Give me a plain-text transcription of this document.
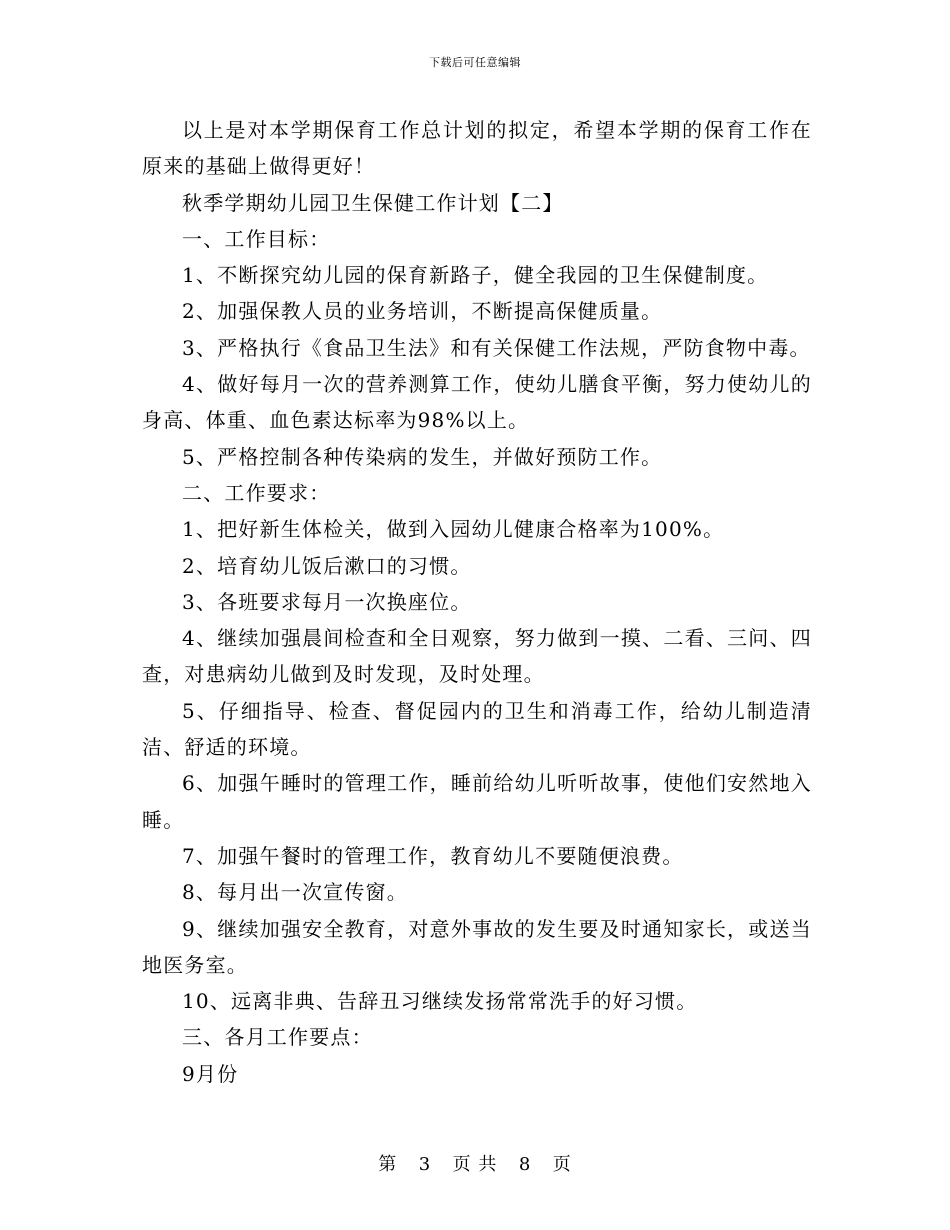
下载后可任意编辑

以上是对本学期保育工作总计划的拟定，希望本学期的保育工作在原来的基础上做得更好！

秋季学期幼儿园卫生保健工作计划【二】

一、工作目标：

1、不断探究幼儿园的保育新路子，健全我园的卫生保健制度。

2、加强保教人员的业务培训，不断提高保健质量。

3、严格执行《食品卫生法》和有关保健工作法规，严防食物中毒。

4、做好每月一次的营养测算工作，使幼儿膳食平衡，努力使幼儿的身高、体重、血色素达标率为98%以上。

5、严格控制各种传染病的发生，并做好预防工作。

二、工作要求：

1、把好新生体检关，做到入园幼儿健康合格率为100%。

2、培育幼儿饭后漱口的习惯。

3、各班要求每月一次换座位。

4、继续加强晨间检查和全日观察，努力做到一摸、二看、三问、四查，对患病幼儿做到及时发现，及时处理。

5、仔细指导、检查、督促园内的卫生和消毒工作，给幼儿制造清洁、舒适的环境。

6、加强午睡时的管理工作，睡前给幼儿听听故事，使他们安然地入睡。

7、加强午餐时的管理工作，教育幼儿不要随便浪费。

8、每月出一次宣传窗。

9、继续加强安全教育，对意外事故的发生要及时通知家长，或送当地医务室。

10、远离非典、告辞丑习继续发扬常常洗手的好习惯。

三、各月工作要点：

9月份

第 3 页 共 8 页
